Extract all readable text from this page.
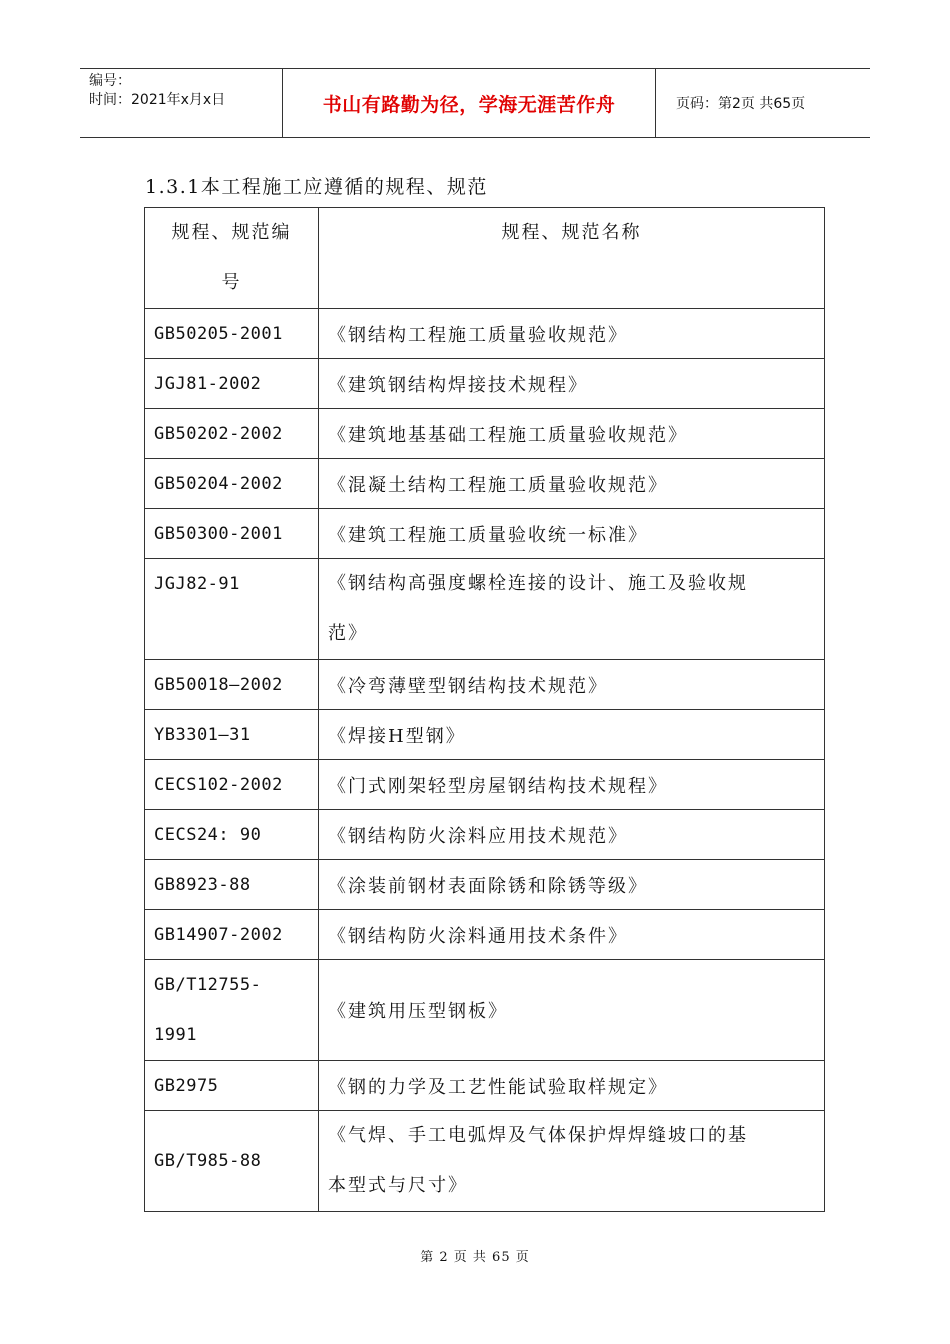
编号：
时间：2021年x月x日	书山有路勤为径，学海无涯苦作舟	页码：第2页 共65页
1.3.1本工程施工应遵循的规程、规范
规程、规范编
号	规程、规范名称
GB50205-2001	《钢结构工程施工质量验收规范》
JGJ81-2002	《建筑钢结构焊接技术规程》
GB50202-2002	《建筑地基基础工程施工质量验收规范》
GB50204-2002	《混凝土结构工程施工质量验收规范》
GB50300-2001	《建筑工程施工质量验收统一标准》
JGJ82-91	《钢结构高强度螺栓连接的设计、施工及验收规
范》

GB50018—2002	《冷弯薄壁型钢结构技术规范》
YB3301—31	《焊接H型钢》
CECS102-2002	《门式刚架轻型房屋钢结构技术规程》
CECS24: 90	《钢结构防火涂料应用技术规范》
GB8923-88	《涂装前钢材表面除锈和除锈等级》
GB14907-2002	《钢结构防火涂料通用技术条件》

GB/T12755-
1991	《建筑用压型钢板》
GB2975	《钢的力学及工艺性能试验取样规定》
GB/T985-88	《气焊、手工电弧焊及气体保护焊焊缝坡口的基
本型式与尺寸》
第 2 页 共 65 页
